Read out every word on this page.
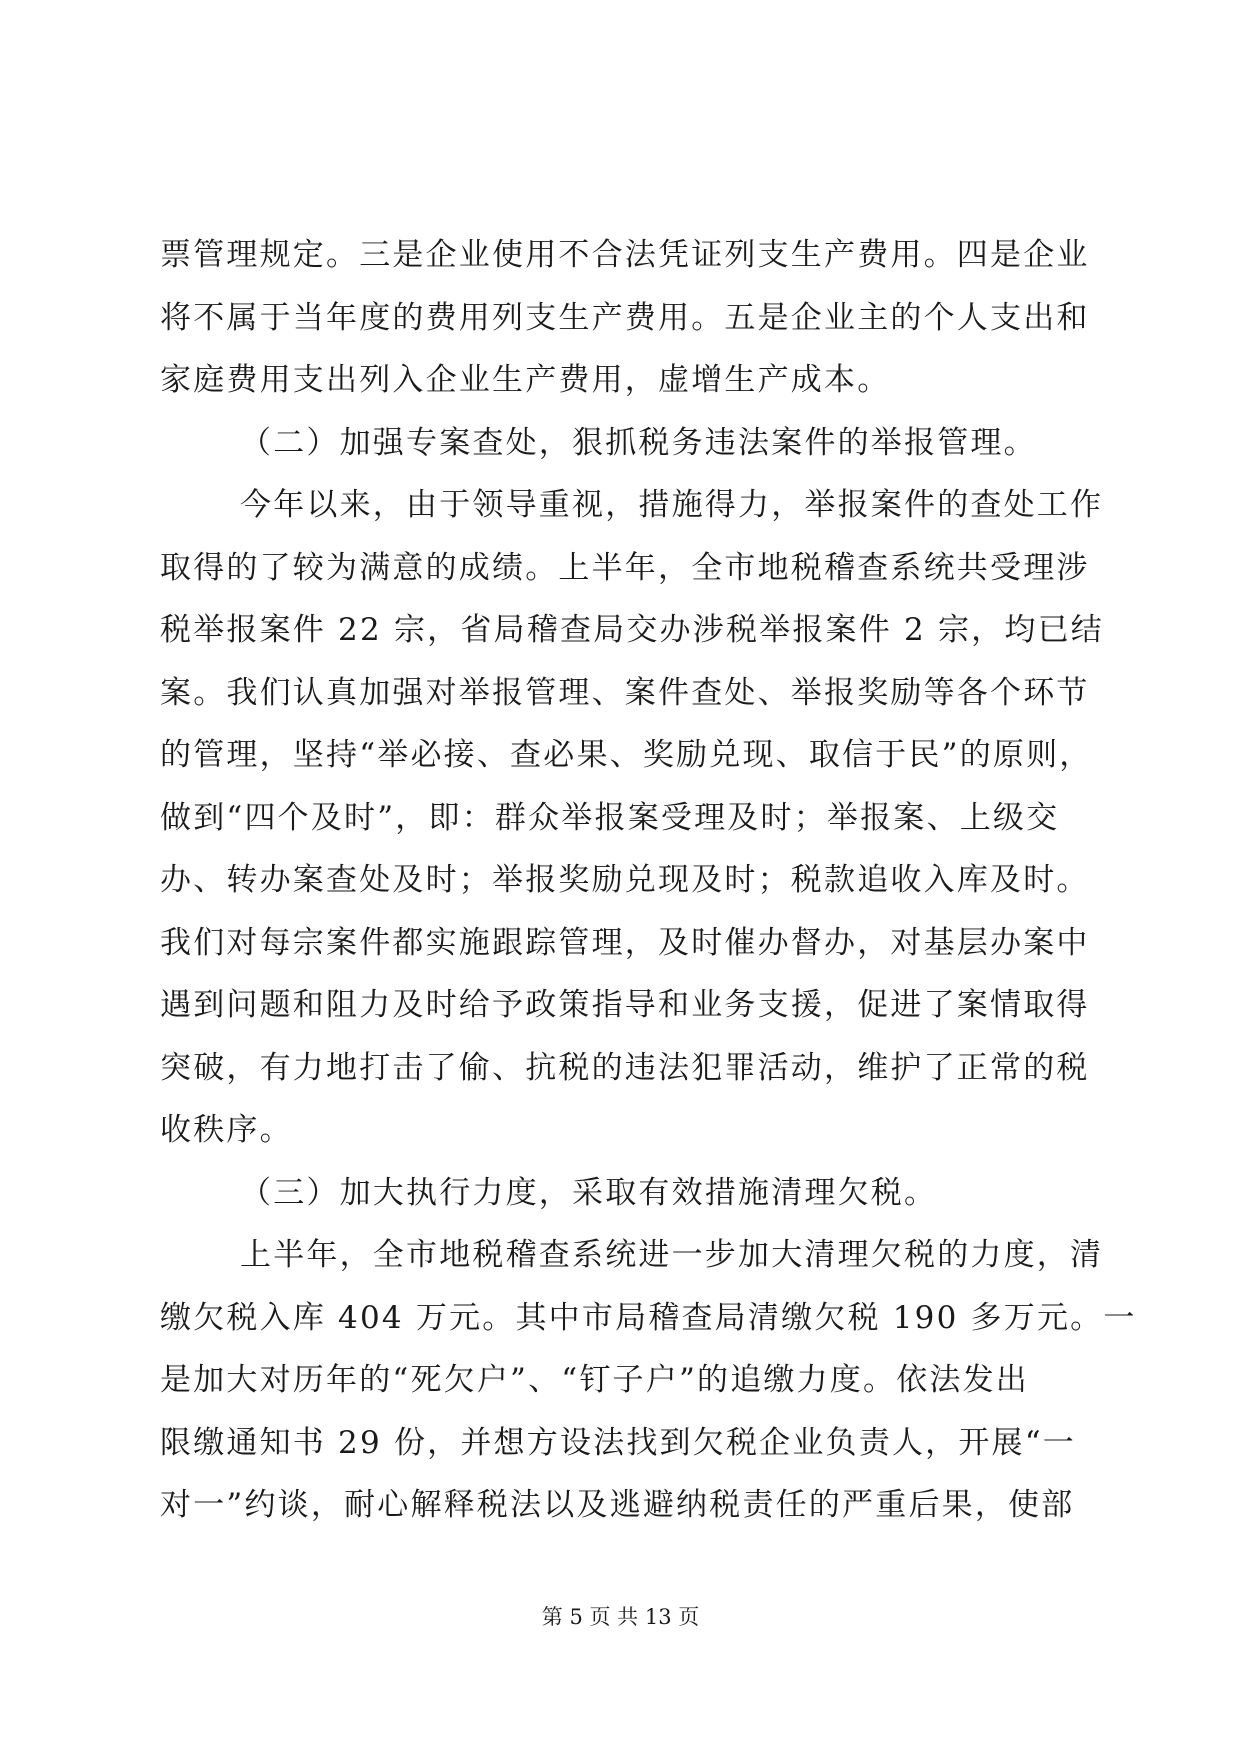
票管理规定。三是企业使用不合法凭证列支生产费用。四是企业
将不属于当年度的费用列支生产费用。五是企业主的个人支出和
家庭费用支出列入企业生产费用，虚增生产成本。
（二）加强专案查处，狠抓税务违法案件的举报管理。
今年以来，由于领导重视，措施得力，举报案件的查处工作
取得的了较为满意的成绩。上半年，全市地税稽查系统共受理涉
税举报案件 22 宗，省局稽查局交办涉税举报案件 2 宗，均已结
案。我们认真加强对举报管理、案件查处、举报奖励等各个环节
的管理，坚持“举必接、查必果、奖励兑现、取信于民”的原则，
做到“四个及时”，即：群众举报案受理及时；举报案、上级交
办、转办案查处及时；举报奖励兑现及时；税款追收入库及时。
我们对每宗案件都实施跟踪管理，及时催办督办，对基层办案中
遇到问题和阻力及时给予政策指导和业务支援，促进了案情取得
突破，有力地打击了偷、抗税的违法犯罪活动，维护了正常的税
收秩序。
（三）加大执行力度，采取有效措施清理欠税。
上半年，全市地税稽查系统进一步加大清理欠税的力度，清
缴欠税入库 404 万元。其中市局稽查局清缴欠税 190 多万元。一
是加大对历年的“死欠户”、“钉子户”的追缴力度。依法发出
限缴通知书 29 份，并想方设法找到欠税企业负责人，开展“一
对一”约谈，耐心解释税法以及逃避纳税责任的严重后果，使部
第 5 页 共 13 页
